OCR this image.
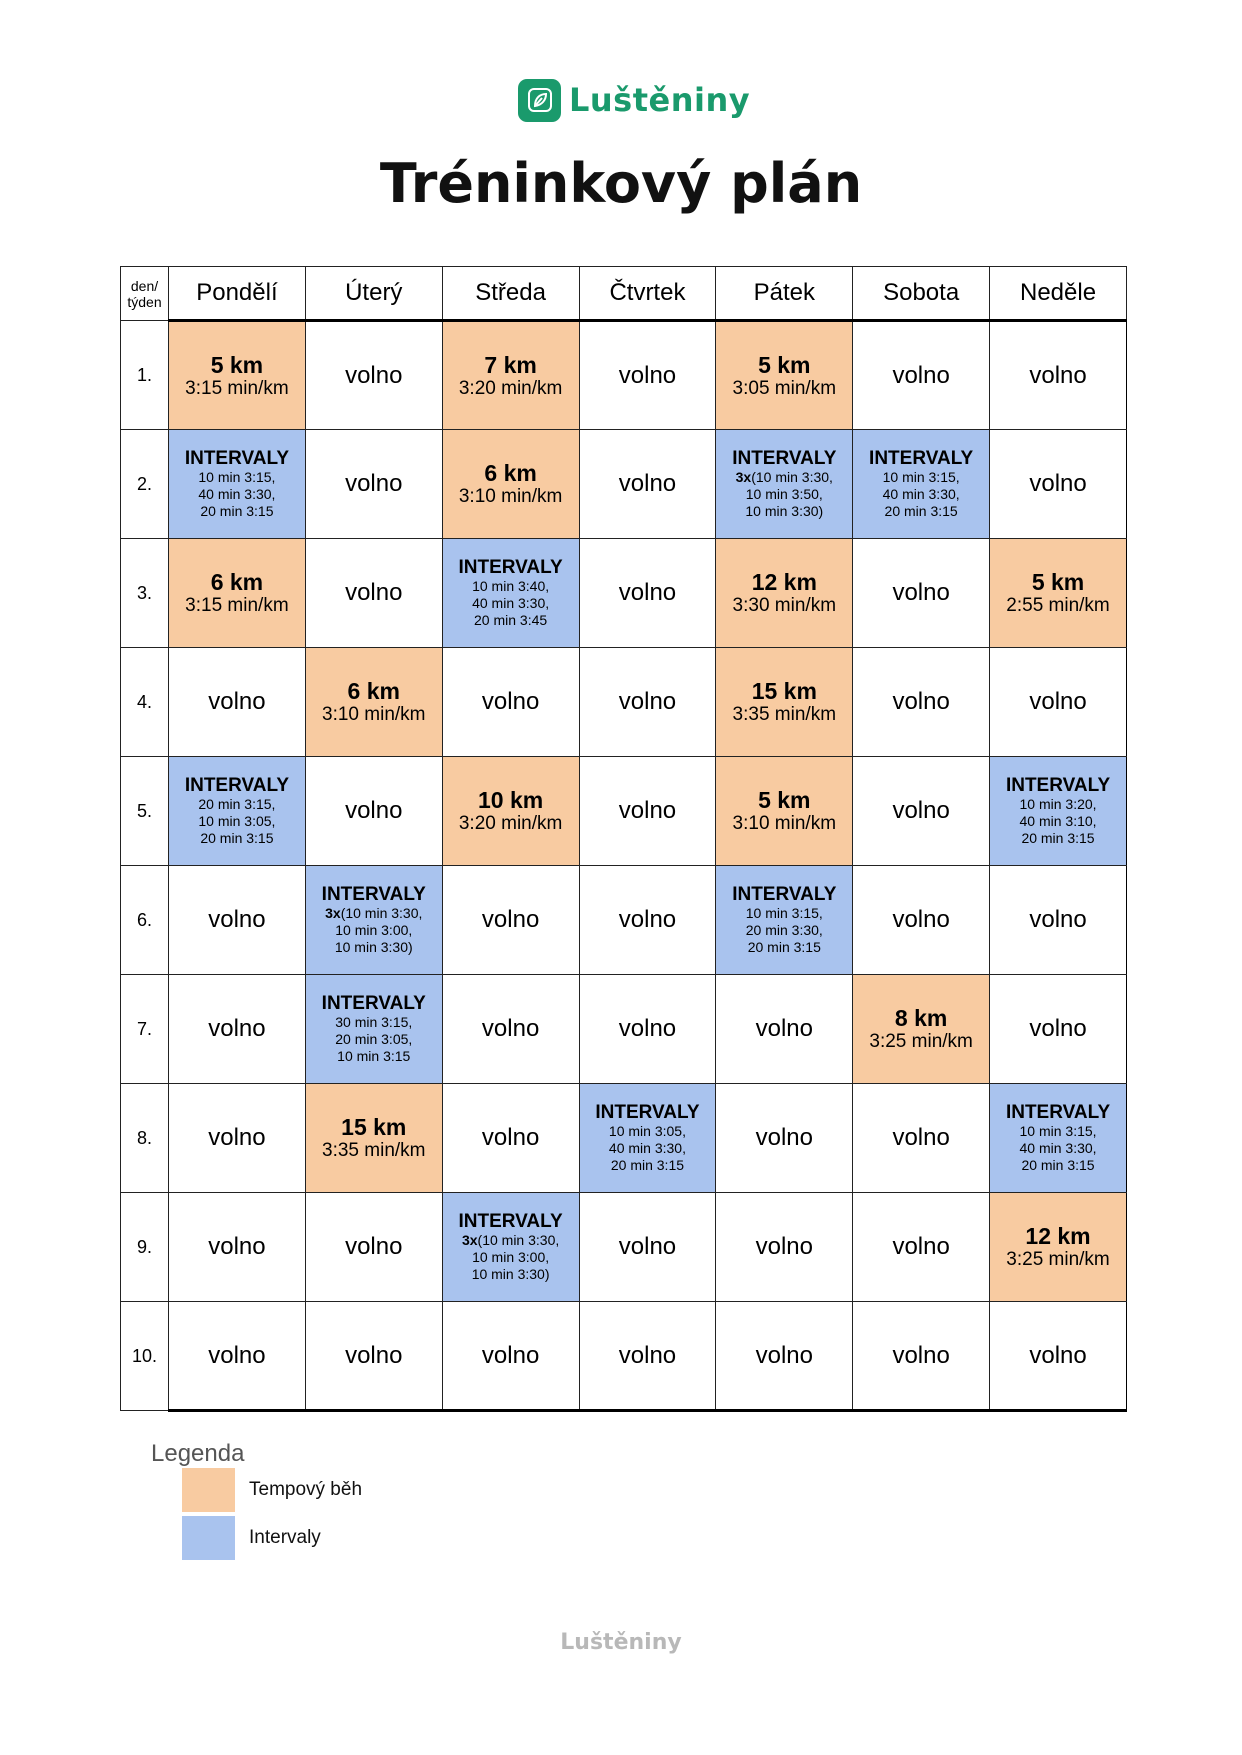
Luštěniny
Tréninkový plán
den/ týden	Pondělí	Úterý	Středa	Čtvrtek	Pátek	Sobota	Neděle
1.	5 km
3:15 min/km	volno	7 km
3:20 min/km	volno	5 km
3:05 min/km	volno	volno
2.	INTERVALY
10 min 3:15,
40 min 3:30,
20 min 3:15	volno	6 km
3:10 min/km	volno	INTERVALY
3x(10 min 3:30,
10 min 3:50,
10 min 3:30)	INTERVALY
10 min 3:15,
40 min 3:30,
20 min 3:15	volno
3.	6 km
3:15 min/km	volno	INTERVALY
10 min 3:40,
40 min 3:30,
20 min 3:45	volno	12 km
3:30 min/km	volno	5 km
2:55 min/km

4.	volno	6 km
3:10 min/km	volno	volno	15 km
3:35 min/km	volno	volno
5.	INTERVALY
20 min 3:15,
10 min 3:05,
20 min 3:15	volno	10 km
3:20 min/km	volno	5 km
3:10 min/km	volno	INTERVALY
10 min 3:20,
40 min 3:10,
20 min 3:15

6.	volno	INTERVALY
3x(10 min 3:30,
10 min 3:00,
10 min 3:30)	volno	volno	INTERVALY
10 min 3:15,
20 min 3:30,
20 min 3:15	volno	volno
7.	volno	INTERVALY
30 min 3:15,
20 min 3:05,
10 min 3:15	volno	volno	volno	8 km
3:25 min/km	volno
8.	volno	15 km
3:35 min/km	volno	INTERVALY
10 min 3:05,
40 min 3:30,
20 min 3:15	volno	volno	INTERVALY
10 min 3:15,
40 min 3:30,
20 min 3:15

9.	volno	volno	INTERVALY
3x(10 min 3:30,
10 min 3:00,
10 min 3:30)	volno	volno	volno	12 km
3:25 min/km

10.	volno	volno	volno	volno	volno	volno	volno
Legenda
Tempový běh
Intervaly
Luštěniny
